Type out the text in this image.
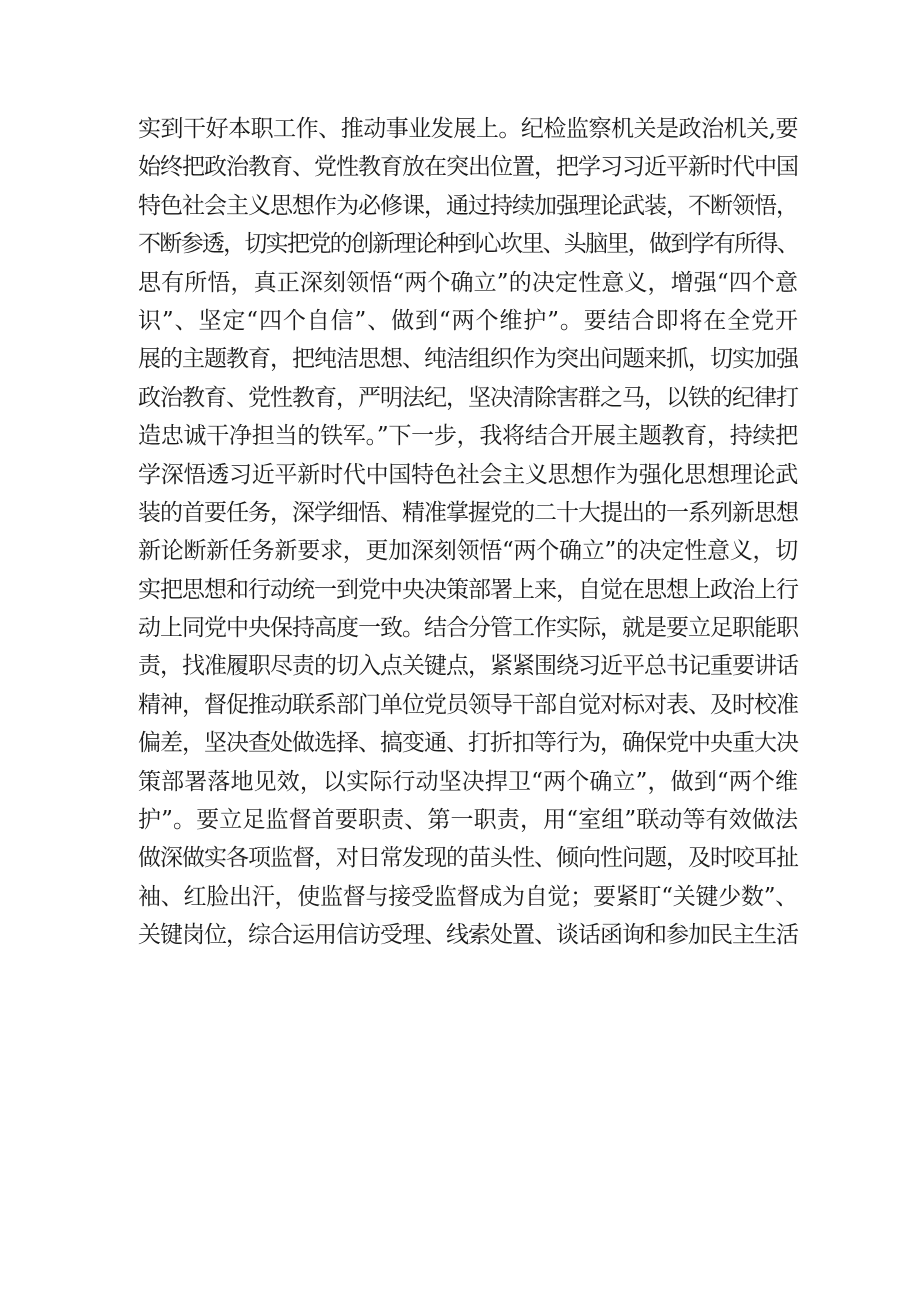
实到干好本职工作、推动事业发展上。纪检监察机关是政治机关,要
始终把政治教育、党性教育放在突出位置，把学习习近平新时代中国
特色社会主义思想作为必修课，通过持续加强理论武装，不断领悟，
不断参透，切实把党的创新理论种到心坎里、头脑里，做到学有所得、
思有所悟，真正深刻领悟“两个确立”的决定性意义，增强“四个意
识”、坚定“四个自信”、做到“两个维护”。要结合即将在全党开
展的主题教育，把纯洁思想、纯洁组织作为突出问题来抓，切实加强
政治教育、党性教育，严明法纪，坚决清除害群之马，以铁的纪律打
造忠诚干净担当的铁军。”下一步，我将结合开展主题教育，持续把
学深悟透习近平新时代中国特色社会主义思想作为强化思想理论武
装的首要任务，深学细悟、精准掌握党的二十大提出的一系列新思想
新论断新任务新要求，更加深刻领悟“两个确立”的决定性意义，切
实把思想和行动统一到党中央决策部署上来，自觉在思想上政治上行
动上同党中央保持高度一致。结合分管工作实际，就是要立足职能职
责，找准履职尽责的切入点关键点，紧紧围绕习近平总书记重要讲话
精神，督促推动联系部门单位党员领导干部自觉对标对表、及时校准
偏差，坚决查处做选择、搞变通、打折扣等行为，确保党中央重大决
策部署落地见效，以实际行动坚决捍卫“两个确立”，做到“两个维
护”。要立足监督首要职责、第一职责，用“室组”联动等有效做法
做深做实各项监督，对日常发现的苗头性、倾向性问题，及时咬耳扯
袖、红脸出汗，使监督与接受监督成为自觉；要紧盯“关键少数”、
关键岗位，综合运用信访受理、线索处置、谈话函询和参加民主生活
